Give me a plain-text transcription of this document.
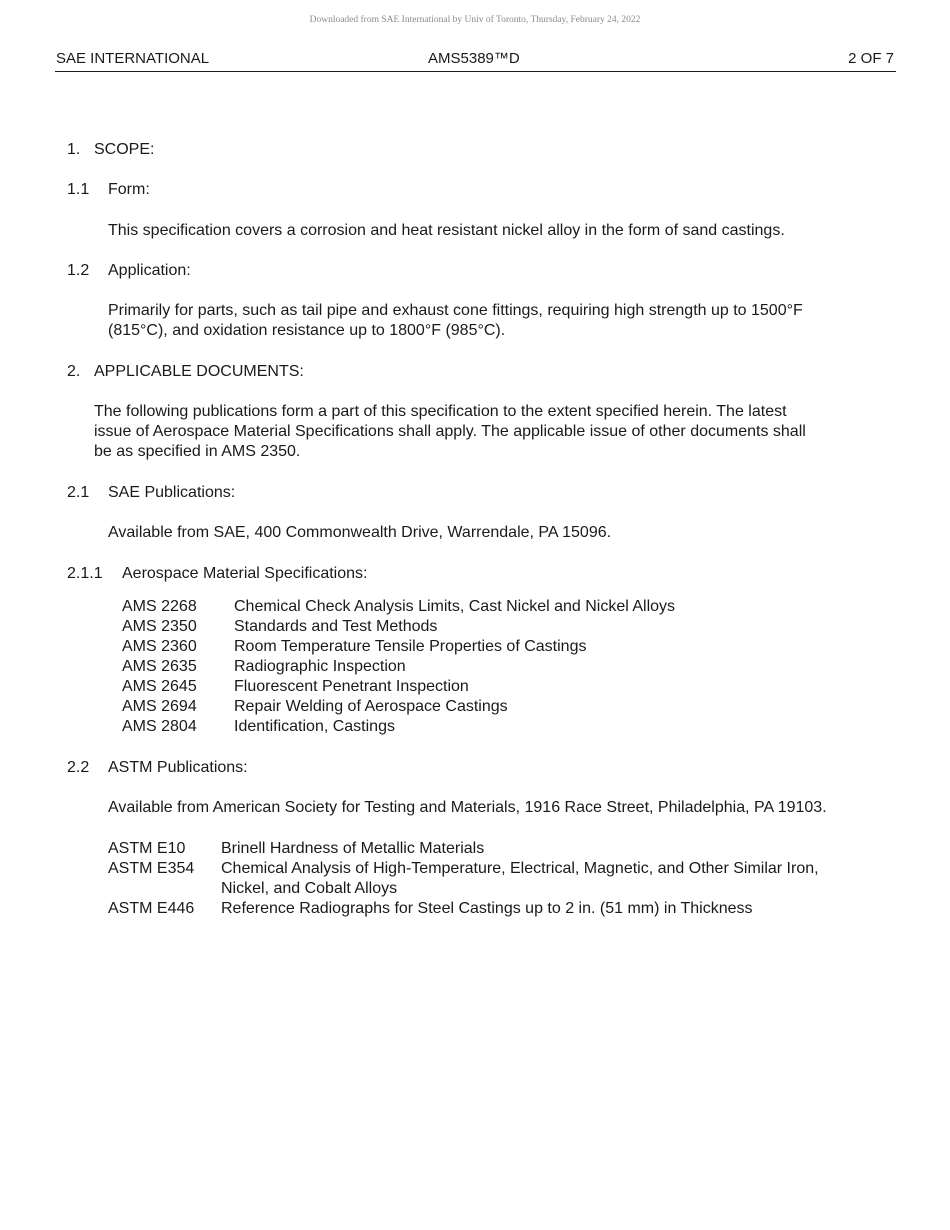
Downloaded from SAE International by Univ of Toronto, Thursday, February 24, 2022
SAE INTERNATIONAL	AMS5389™D	2 OF 7
1. SCOPE:
1.1 Form:
This specification covers a corrosion and heat resistant nickel alloy in the form of sand castings.
1.2 Application:
Primarily for parts, such as tail pipe and exhaust cone fittings, requiring high strength up to 1500°F
(815°C), and oxidation resistance up to 1800°F (985°C).
2. APPLICABLE DOCUMENTS:
The following publications form a part of this specification to the extent specified herein. The latest
issue of Aerospace Material Specifications shall apply. The applicable issue of other documents shall
be as specified in AMS 2350.
2.1 SAE Publications:
Available from SAE, 400 Commonwealth Drive, Warrendale, PA 15096.
2.1.1 Aerospace Material Specifications:
AMS 2268 Chemical Check Analysis Limits, Cast Nickel and Nickel Alloys
AMS 2350 Standards and Test Methods
AMS 2360 Room Temperature Tensile Properties of Castings
AMS 2635 Radiographic Inspection
AMS 2645 Fluorescent Penetrant Inspection
AMS 2694 Repair Welding of Aerospace Castings
AMS 2804 Identification, Castings
2.2 ASTM Publications:
Available from American Society for Testing and Materials, 1916 Race Street, Philadelphia, PA 19103.
ASTM E10 Brinell Hardness of Metallic Materials
ASTM E354 Chemical Analysis of High-Temperature, Electrical, Magnetic, and Other Similar Iron,
Nickel, and Cobalt Alloys
ASTM E446 Reference Radiographs for Steel Castings up to 2 in. (51 mm) in Thickness
